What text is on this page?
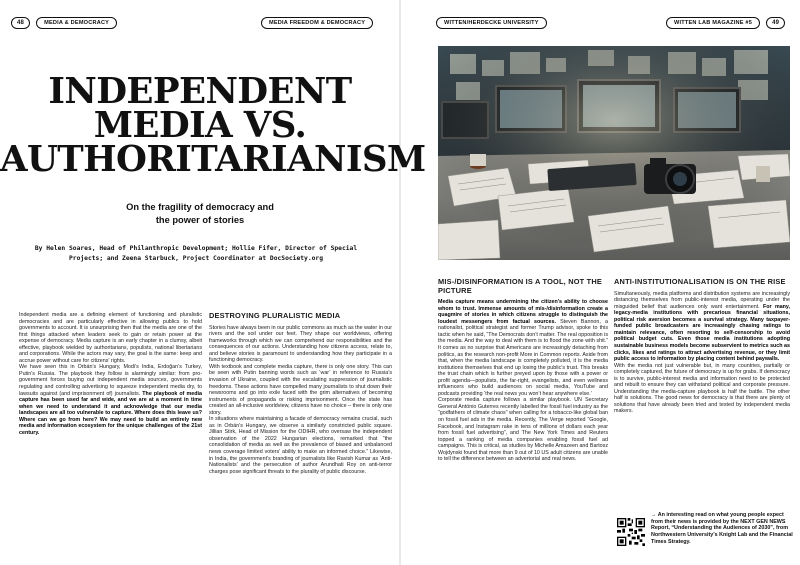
48	MEDIA & DEMOCRACY	MEDIA FREEDOM & DEMOCRACY
INDEPENDENT
MEDIA VS.
AUTHORITARIANISM
On the fragility of democracy and
the power of stories
By Helen Soares, Head of Philanthropic Development; Hollie Fifer, Director of Special Projects; and Zeena Starbuck, Project Coordinator at DocSociety.org

Independent media are a defining element of functioning and pluralistic democracies and are particularly effective in allowing publics to hold governments to account. It is unsurprising then that the media are one of the first things attacked when leaders seek to gain or retain power at the expense of democracy. Media capture is an early chapter in a clumsy, albeit effective, playbook wielded by authoritarians, populists, national libertarians and corporations. While the actors may vary, the goal is the same: keep and accrue power without care for citizens’ rights.

We have seen this in Orbán’s Hungary, Modi’s India, Erdoğan’s Turkey, Putin’s Russia. The playbook they follow is alarmingly similar: from pro-government forces buying out independent media sources, governments regulating and controlling advertising to squeeze independent media dry, to lawsuits against (and imprisonment of) journalists. The playbook of media capture has been used far and wide, and we are at a moment in time when we need to understand it and acknowledge that our media landscapes are all too vulnerable to capture. Where does this leave us? Where can we go from here? We may need to build an entirely new media and information ecosystem for the unique challenges of the 21st century.

DESTROYING PLURALISTIC MEDIA

Stories have always been in our public commons as much as the water in our rivers and the soil under our feet. They shape our worldviews, offering frameworks through which we can comprehend our responsibilities and the consequences of our actions. Understanding how citizens access, relate to, and believe stories is paramount to understanding how they participate in a functioning democracy.

With textbook and complete media capture, there is only one story. This can be seen with Putin banning words such as ‘war’ in reference to Russia’s invasion of Ukraine, coupled with the escalating suppression of journalistic freedoms. These actions have compelled many journalists to shut down their newsrooms and go into exile faced with the grim alternatives of becoming instruments of propaganda or risking imprisonment. Once the state has created an all-inclusive worldview, citizens have no choice – there is only one story.

In situations where maintaining a facade of democracy remains crucial, such as in Orbán’s Hungary, we observe a similarly constricted public square. Jillian Stirk, Head of Mission for the ODIHR, who oversaw the independent observation of the 2022 Hungarian elections, remarked that “the consolidation of media as well as the prevalence of biased and unbalanced news coverage limited voters’ ability to make an informed choice.” Likewise, in India, the government’s branding of journalists like Ravish Kumar as ‘Anti-Nationalists’ and the persecution of author Arundhati Roy on anti-terror charges pose significant threats to the plurality of public discourse.

WITTEN/HERDECKE UNIVERSITY	WITTEN LAB MAGAZINE #5	49
MIS-/DISINFORMATION IS A TOOL, NOT THE PICTURE

Media capture means undermining the citizen’s ability to choose whom to trust. Immense amounts of mis-/disinformation create a quagmire of stories in which citizens struggle to distinguish the loudest messengers from factual sources. Steven Bannon, a nationalist, political strategist and former Trump advisor, spoke to this tactic when he said, “The Democrats don’t matter. The real opposition is the media. And the way to deal with them is to flood the zone with shit.” It comes as no surprise that Americans are increasingly detaching from politics, as the research non-profit More in Common reports. Aside from that, when the media landscape is completely polluted, it is the media institutions themselves that end up losing the public’s trust. This breaks the trust chain which is further preyed upon by those with a power or profit agenda—populists, the far-right, evangelists, and even wellness influencers who build audiences on social media, YouTube and podcasts providing ‘the real news you won’t hear anywhere else.’

Corporate media capture follows a similar playbook. UN Secretary General António Guterres recently labelled the fossil fuel industry as the “godfathers of climate chaos” when calling for a tobacco-like global ban on fossil fuel ads in the media. Recently, The Verge reported “Google, Facebook, and Instagram rake in tens of millions of dollars each year from fossil fuel advertising”, and The New York Times and Reuters topped a ranking of media companies enabling fossil fuel ad campaigns. This is critical, as studies by Michelle Amazeen and Bartosz Wojdynski found that more than 9 out of 10 US adult citizens are unable to tell the difference between an advertorial and real news.

ANTI-INSTITUTIONALISATION IS ON THE RISE

Simultaneously, media platforms and distribution systems are increasingly distancing themselves from public-interest media, operating under the misguided belief that audiences only want entertainment. For many, legacy-media institutions with precarious financial situations, political risk aversion becomes a survival strategy. Many taxpayer-funded public broadcasters are increasingly chasing ratings to maintain relevance, often resorting to self-censorship to avoid political budget cuts. Even those media institutions adopting sustainable business models become subservient to metrics such as clicks, likes and ratings to attract advertising revenue, or they limit public access to information by placing content behind paywalls.

With the media not just vulnerable but, in many countries, partially or completely captured, the future of democracy is up for grabs. If democracy is to survive, public-interest media and information need to be protected and rebuilt to ensure they can withstand political and corporate pressure. Understanding the media-capture playbook is half the battle. The other half is solutions. The good news for democracy is that there are plenty of solutions that have already been tried and tested by independent media makers.

→ An interesting read on what young people expect from their news is provided by the NEXT GEN NEWS Report, “Understanding the Audiences of 2030”, from Northwestern University’s Knight Lab and the Financial Times Strategy.
